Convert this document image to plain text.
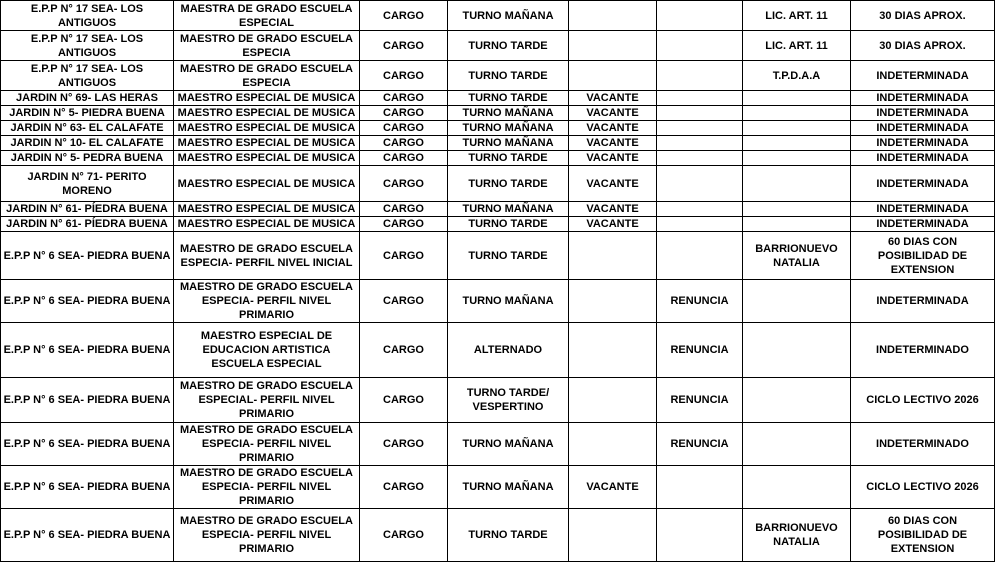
E.P.P N° 17 SEA- LOS ANTIGUOS	MAESTRA DE GRADO ESCUELA ESPECIAL	CARGO	TURNO MAÑANA			LIC. ART. 11	30 DIAS APROX.
E.P.P N° 17 SEA- LOS ANTIGUOS	MAESTRO DE GRADO ESCUELA ESPECIA	CARGO	TURNO TARDE			LIC. ART. 11	30 DIAS APROX.
E.P.P N° 17 SEA- LOS ANTIGUOS	MAESTRO DE GRADO ESCUELA ESPECIA	CARGO	TURNO TARDE			T.P.D.A.A	INDETERMINADA
JARDIN N° 69- LAS HERAS	MAESTRO ESPECIAL DE MUSICA	CARGO	TURNO TARDE	VACANTE			INDETERMINADA
JARDIN N° 5- PIEDRA BUENA	MAESTRO ESPECIAL DE MUSICA	CARGO	TURNO MAÑANA	VACANTE			INDETERMINADA
JARDIN N° 63- EL CALAFATE	MAESTRO ESPECIAL DE MUSICA	CARGO	TURNO MAÑANA	VACANTE			INDETERMINADA
JARDIN N° 10- EL CALAFATE	MAESTRO ESPECIAL DE MUSICA	CARGO	TURNO MAÑANA	VACANTE			INDETERMINADA
JARDIN N° 5- PEDRA BUENA	MAESTRO ESPECIAL DE MUSICA	CARGO	TURNO TARDE	VACANTE			INDETERMINADA
JARDIN N° 71- PERITO MORENO	MAESTRO ESPECIAL DE MUSICA	CARGO	TURNO TARDE	VACANTE			INDETERMINADA
JARDIN N° 61- PÍEDRA BUENA	MAESTRO ESPECIAL DE MUSICA	CARGO	TURNO MAÑANA	VACANTE			INDETERMINADA
JARDIN N° 61- PÍEDRA BUENA	MAESTRO ESPECIAL DE MUSICA	CARGO	TURNO TARDE	VACANTE			INDETERMINADA
E.P.P N° 6 SEA- PIEDRA BUENA	MAESTRO DE GRADO ESCUELA ESPECIA- PERFIL NIVEL INICIAL	CARGO	TURNO TARDE			BARRIONUEVO NATALIA	60 DIAS CON POSIBILIDAD DE EXTENSION
E.P.P N° 6 SEA- PIEDRA BUENA	MAESTRO DE GRADO ESCUELA ESPECIA- PERFIL NIVEL PRIMARIO	CARGO	TURNO MAÑANA		RENUNCIA		INDETERMINADA
E.P.P N° 6 SEA- PIEDRA BUENA	MAESTRO ESPECIAL DE EDUCACION ARTISTICA ESCUELA ESPECIAL	CARGO	ALTERNADO		RENUNCIA		INDETERMINADO
E.P.P N° 6 SEA- PIEDRA BUENA	MAESTRO DE GRADO ESCUELA ESPECIAL- PERFIL NIVEL PRIMARIO	CARGO	TURNO TARDE/ VESPERTINO		RENUNCIA		CICLO LECTIVO 2026
E.P.P N° 6 SEA- PIEDRA BUENA	MAESTRO DE GRADO ESCUELA ESPECIA- PERFIL NIVEL PRIMARIO	CARGO	TURNO MAÑANA		RENUNCIA		INDETERMINADO
E.P.P N° 6 SEA- PIEDRA BUENA	MAESTRO DE GRADO ESCUELA ESPECIA- PERFIL NIVEL PRIMARIO	CARGO	TURNO MAÑANA	VACANTE			CICLO LECTIVO 2026
E.P.P N° 6 SEA- PIEDRA BUENA	MAESTRO DE GRADO ESCUELA ESPECIA- PERFIL NIVEL PRIMARIO	CARGO	TURNO TARDE			BARRIONUEVO NATALIA	60 DIAS CON POSIBILIDAD DE EXTENSION
